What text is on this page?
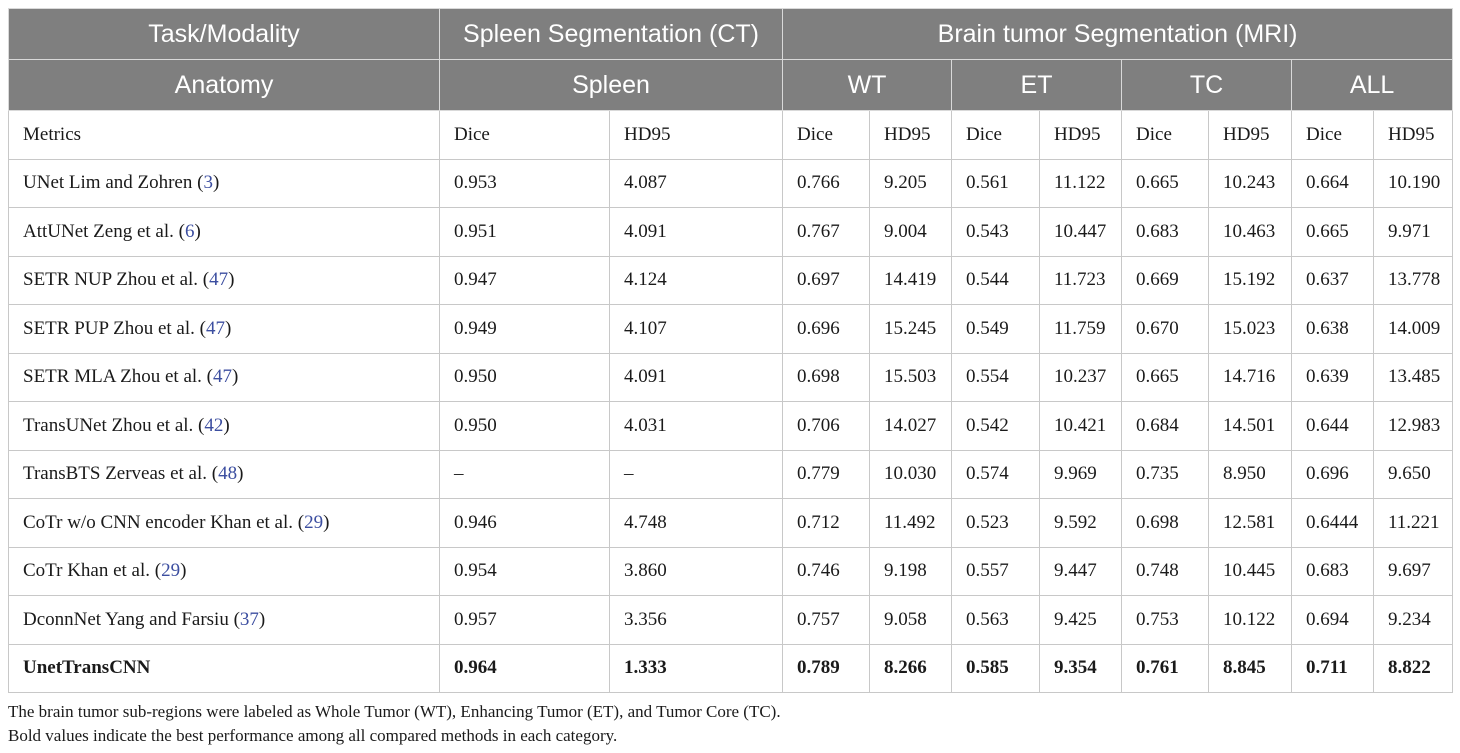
Task/Modality	Spleen Segmentation (CT)		Brain tumor Segmentation (MRI)							
Anatomy	Spleen		WT		ET		TC		ALL	
Metrics	Dice	HD95	Dice	HD95	Dice	HD95	Dice	HD95	Dice	HD95
UNet Lim and Zohren (3)	0.953	4.087	0.766	9.205	0.561	11.122	0.665	10.243	0.664	10.190
AttUNet Zeng et al. (6)	0.951	4.091	0.767	9.004	0.543	10.447	0.683	10.463	0.665	9.971
SETR NUP Zhou et al. (47)	0.947	4.124	0.697	14.419	0.544	11.723	0.669	15.192	0.637	13.778
SETR PUP Zhou et al. (47)	0.949	4.107	0.696	15.245	0.549	11.759	0.670	15.023	0.638	14.009
SETR MLA Zhou et al. (47)	0.950	4.091	0.698	15.503	0.554	10.237	0.665	14.716	0.639	13.485
TransUNet Zhou et al. (42)	0.950	4.031	0.706	14.027	0.542	10.421	0.684	14.501	0.644	12.983
TransBTS Zerveas et al. (48)	–	–	0.779	10.030	0.574	9.969	0.735	8.950	0.696	9.650
CoTr w/o CNN encoder Khan et al. (29)	0.946	4.748	0.712	11.492	0.523	9.592	0.698	12.581	0.6444	11.221
CoTr Khan et al. (29)	0.954	3.860	0.746	9.198	0.557	9.447	0.748	10.445	0.683	9.697
DconnNet Yang and Farsiu (37)	0.957	3.356	0.757	9.058	0.563	9.425	0.753	10.122	0.694	9.234
UnetTransCNN	0.964	1.333	0.789	8.266	0.585	9.354	0.761	8.845	0.711	8.822
The brain tumor sub-regions were labeled as Whole Tumor (WT), Enhancing Tumor (ET), and Tumor Core (TC).
Bold values indicate the best performance among all compared methods in each category.
